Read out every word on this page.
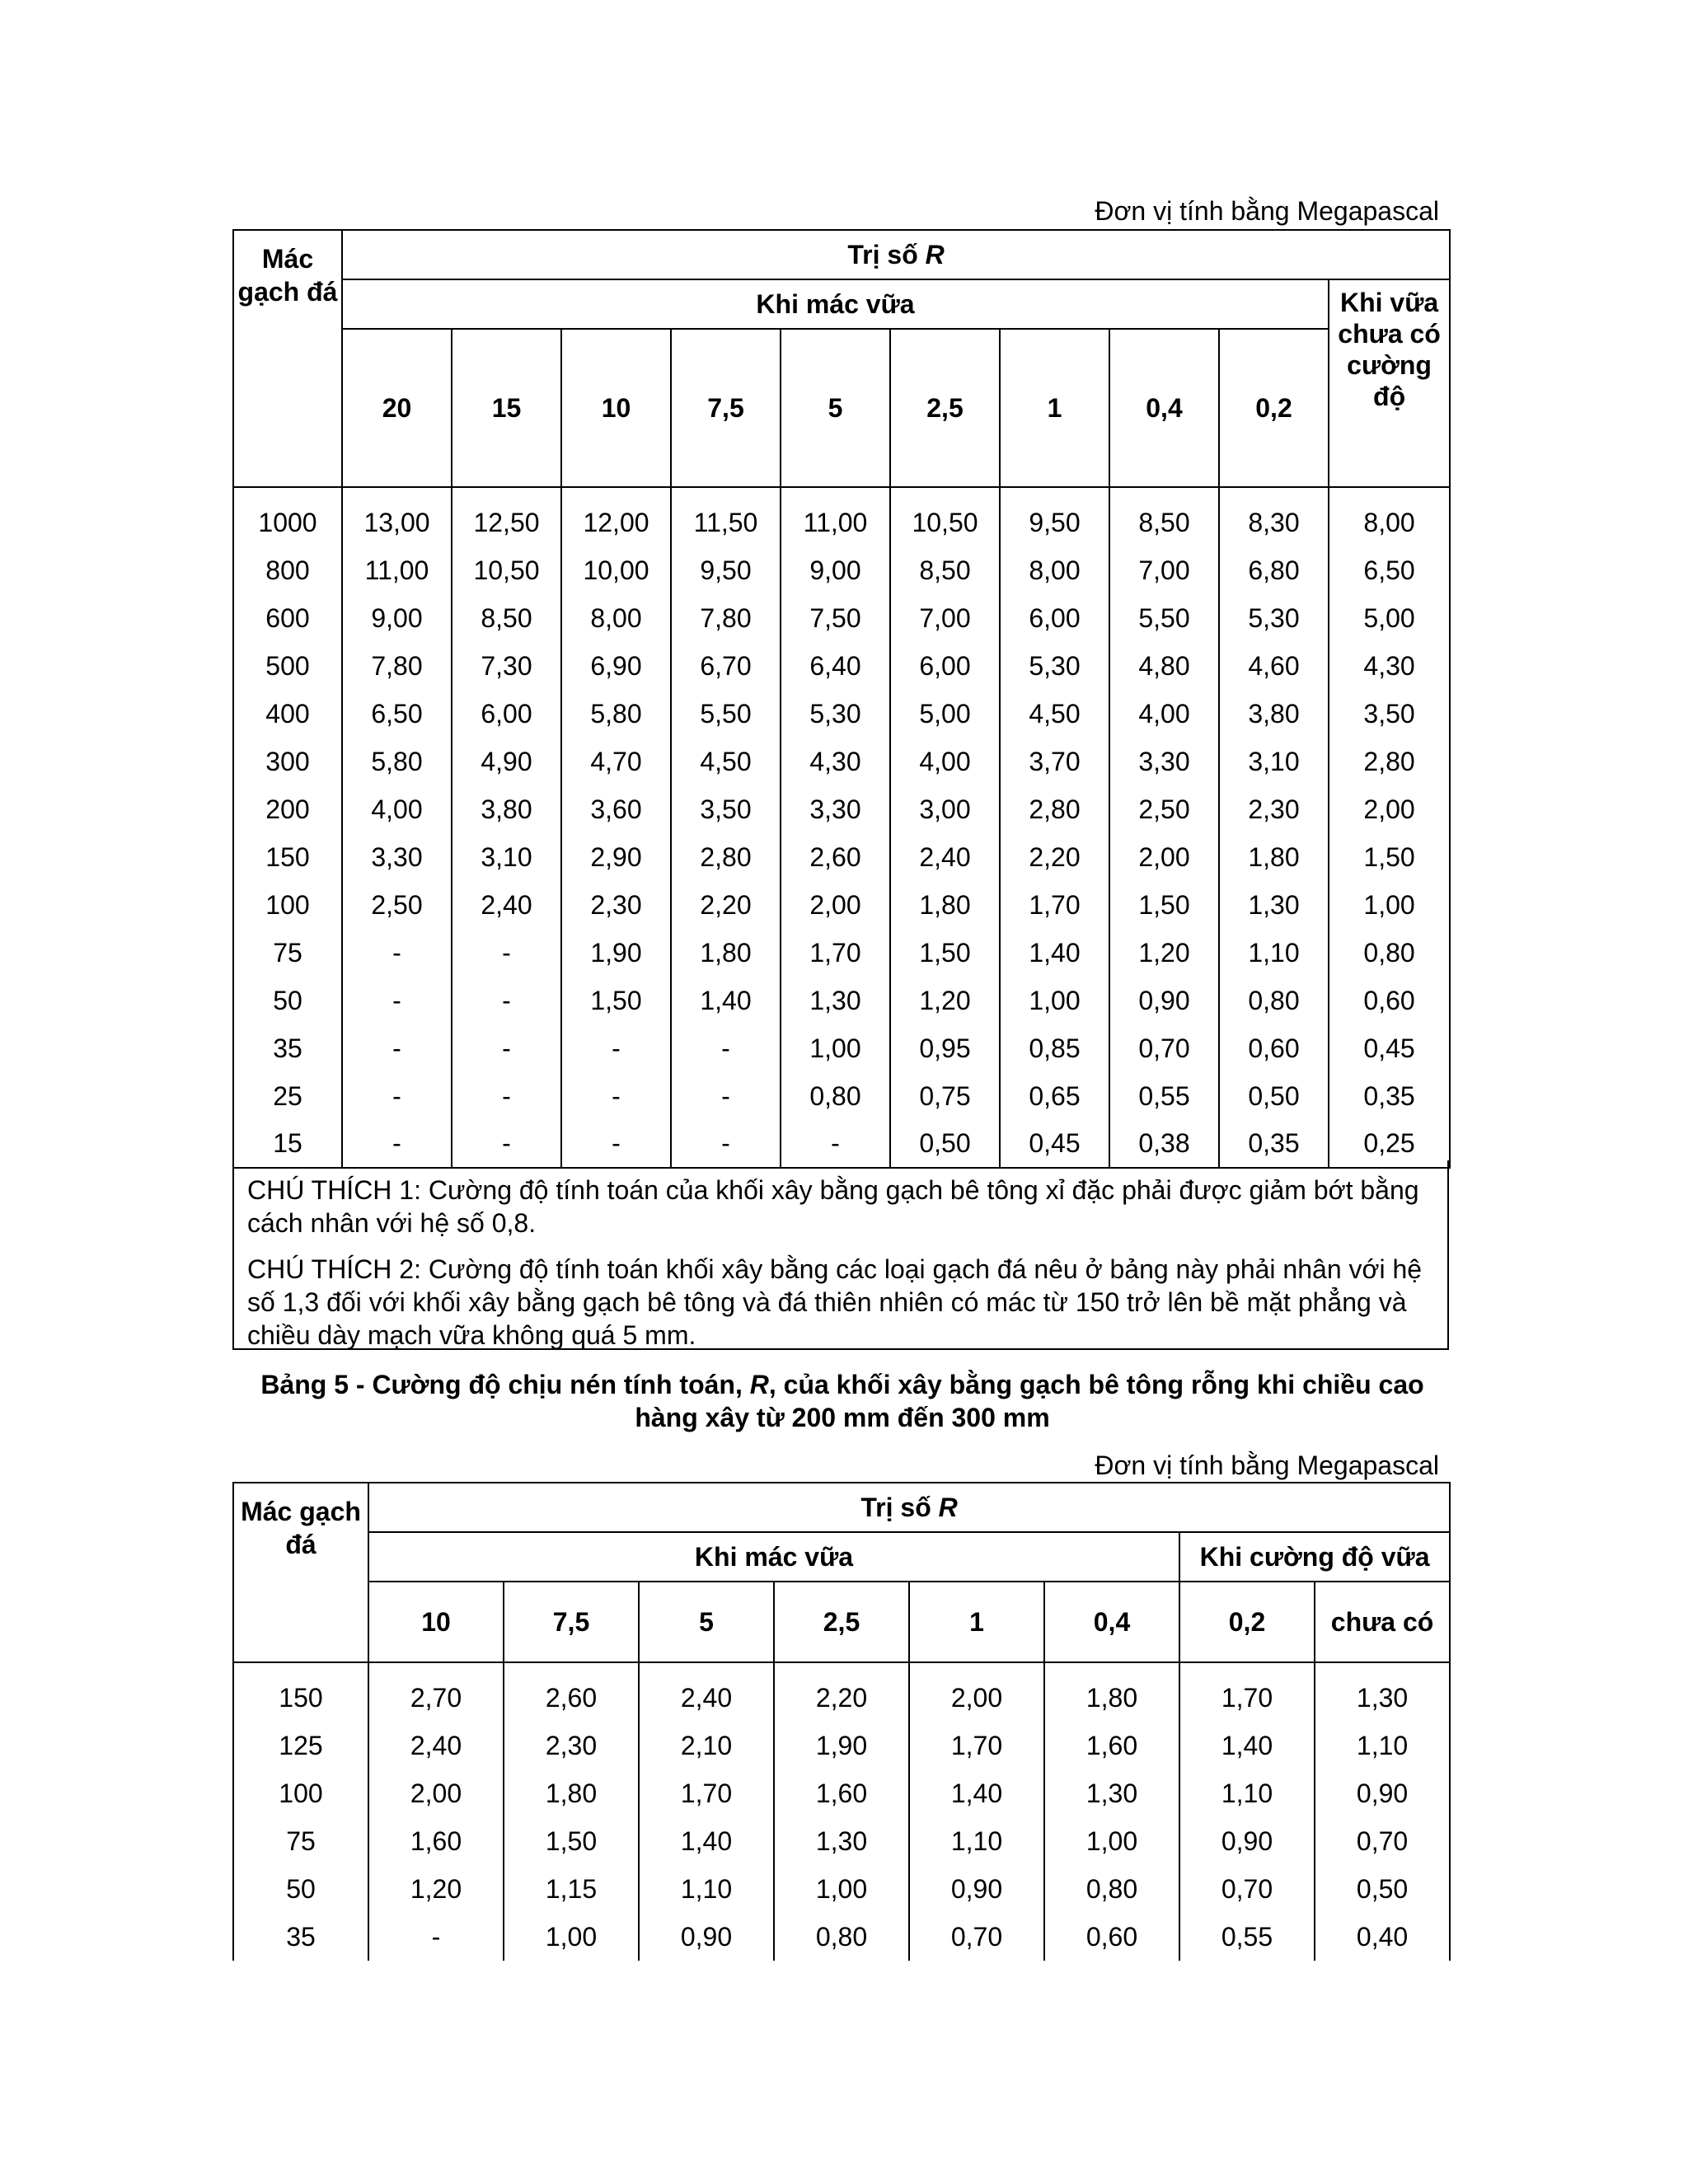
Đơn vị tính bằng Megapascal
Mác gạch đá	Trị số R									
	Khi mác vữa									Khi vữa chưa có cường độ
	20	15	10	7,5	5	2,5	1	0,4	0,2	
1000	13,00	12,50	12,00	11,50	11,00	10,50	9,50	8,50	8,30	8,00
800	11,00	10,50	10,00	9,50	9,00	8,50	8,00	7,00	6,80	6,50
600	9,00	8,50	8,00	7,80	7,50	7,00	6,00	5,50	5,30	5,00
500	7,80	7,30	6,90	6,70	6,40	6,00	5,30	4,80	4,60	4,30
400	6,50	6,00	5,80	5,50	5,30	5,00	4,50	4,00	3,80	3,50
300	5,80	4,90	4,70	4,50	4,30	4,00	3,70	3,30	3,10	2,80
200	4,00	3,80	3,60	3,50	3,30	3,00	2,80	2,50	2,30	2,00
150	3,30	3,10	2,90	2,80	2,60	2,40	2,20	2,00	1,80	1,50
100	2,50	2,40	2,30	2,20	2,00	1,80	1,70	1,50	1,30	1,00
75	-	-	1,90	1,80	1,70	1,50	1,40	1,20	1,10	0,80
50	-	-	1,50	1,40	1,30	1,20	1,00	0,90	0,80	0,60
35	-	-	-	-	1,00	0,95	0,85	0,70	0,60	0,45
25	-	-	-	-	0,80	0,75	0,65	0,55	0,50	0,35
15	-	-	-	-	-	0,50	0,45	0,38	0,35	0,25

CHÚ THÍCH 1: Cường độ tính toán của khối xây bằng gạch bê tông xỉ đặc phải được giảm bớt bằng cách nhân với hệ số 0,8.

CHÚ THÍCH 2: Cường độ tính toán khối xây bằng các loại gạch đá nêu ở bảng này phải nhân với hệ số 1,3 đối với khối xây bằng gạch bê tông và đá thiên nhiên có mác từ 150 trở lên bề mặt phẳng và chiều dày mạch vữa không quá 5 mm.

Bảng 5 - Cường độ chịu nén tính toán, R, của khối xây bằng gạch bê tông rỗng khi chiều cao hàng xây từ 200 mm đến 300 mm
Đơn vị tính bằng Megapascal
Mác gạch đá	Trị số R							
	Khi mác vữa						Khi cường độ vữa	
	10	7,5	5	2,5	1	0,4	0,2	chưa có
150	2,70	2,60	2,40	2,20	2,00	1,80	1,70	1,30
125	2,40	2,30	2,10	1,90	1,70	1,60	1,40	1,10
100	2,00	1,80	1,70	1,60	1,40	1,30	1,10	0,90
75	1,60	1,50	1,40	1,30	1,10	1,00	0,90	0,70
50	1,20	1,15	1,10	1,00	0,90	0,80	0,70	0,50
35	-	1,00	0,90	0,80	0,70	0,60	0,55	0,40
